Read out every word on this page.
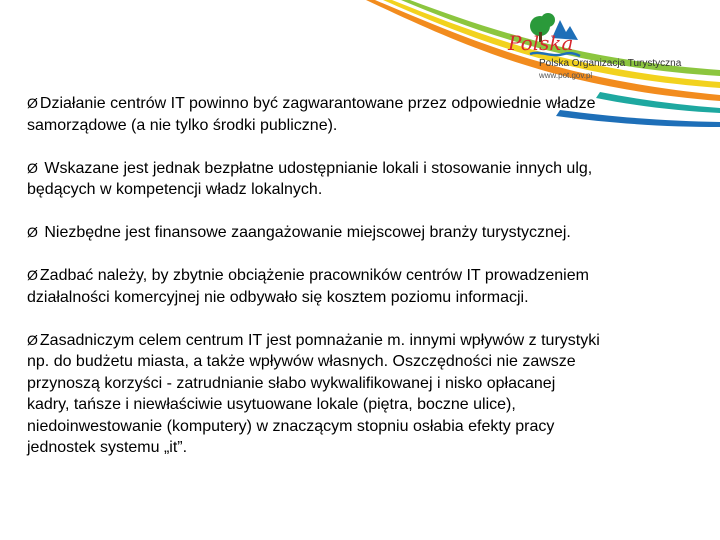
Polska
Polska Organizacja Turystyczna
www.pot.gov.pl
Ø Działanie centrów IT powinno być zagwarantowane przez odpowiednie władze
samorządowe (a nie tylko środki publiczne).
Ø Wskazane jest jednak bezpłatne udostępnianie lokali i stosowanie innych ulg,
będących w kompetencji władz lokalnych.
Ø Niezbędne jest finansowe zaangażowanie miejscowej branży turystycznej.
Ø Zadbać należy, by zbytnie obciążenie pracowników centrów IT prowadzeniem
działalności komercyjnej nie odbywało się kosztem poziomu informacji.
Ø Zasadniczym celem centrum IT jest pomnażanie m. innymi wpływów z turystyki
np. do budżetu miasta, a także wpływów własnych. Oszczędności nie zawsze
przynoszą korzyści - zatrudnianie słabo wykwalifikowanej i nisko opłacanej
kadry, tańsze i niewłaściwie usytuowane lokale (piętra, boczne ulice),
niedoinwestowanie (komputery) w znaczącym stopniu osłabia efekty pracy
jednostek systemu „it”.
